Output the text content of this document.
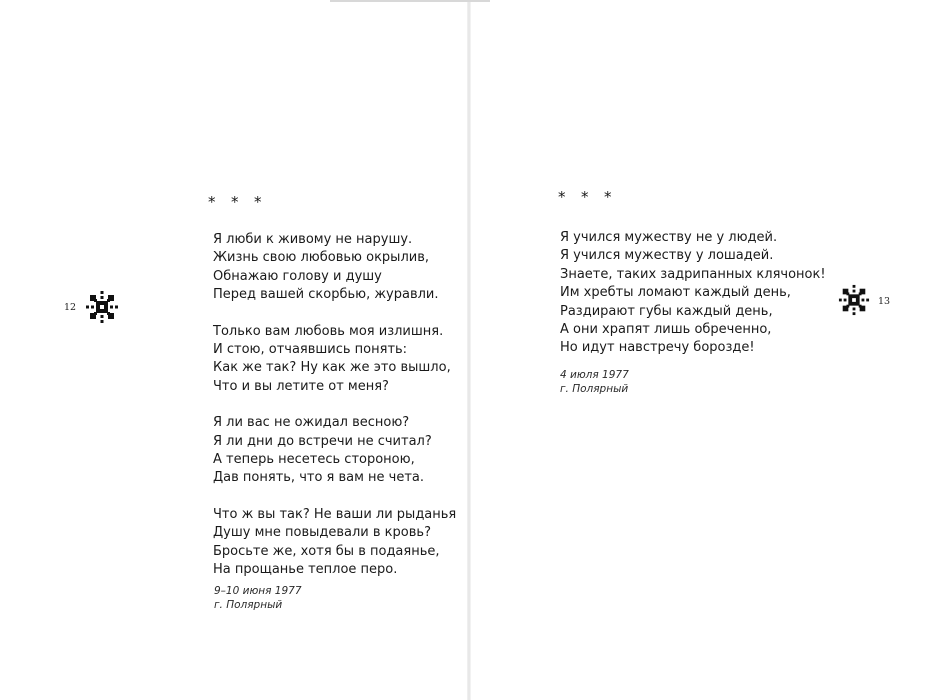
12
* * *
Я люби к живому не нарушу.
Жизнь свою любовью окрылив,
Обнажаю голову и душу
Перед вашей скорбью, журавли.
Только вам любовь моя излишня.
И стою, отчаявшись понять:
Как же так? Ну как же это вышло,
Что и вы летите от меня?
Я ли вас не ожидал весною?
Я ли дни до встречи не считал?
А теперь несетесь стороною,
Дав понять, что я вам не чета.
Что ж вы так? Не ваши ли рыданья
Душу мне повыдевали в кровь?
Бросьте же, хотя бы в подаянье,
На прощанье теплое перо.
9–10 июня 1977
г. Полярный
* * *
Я учился мужеству не у людей.
Я учился мужеству у лошадей.
Знаете, таких задрипанных клячонок!
Им хребты ломают каждый день,
Раздирают губы каждый день,
А они храпят лишь обреченно,
Но идут навстречу борозде!
4 июля 1977
г. Полярный
13
